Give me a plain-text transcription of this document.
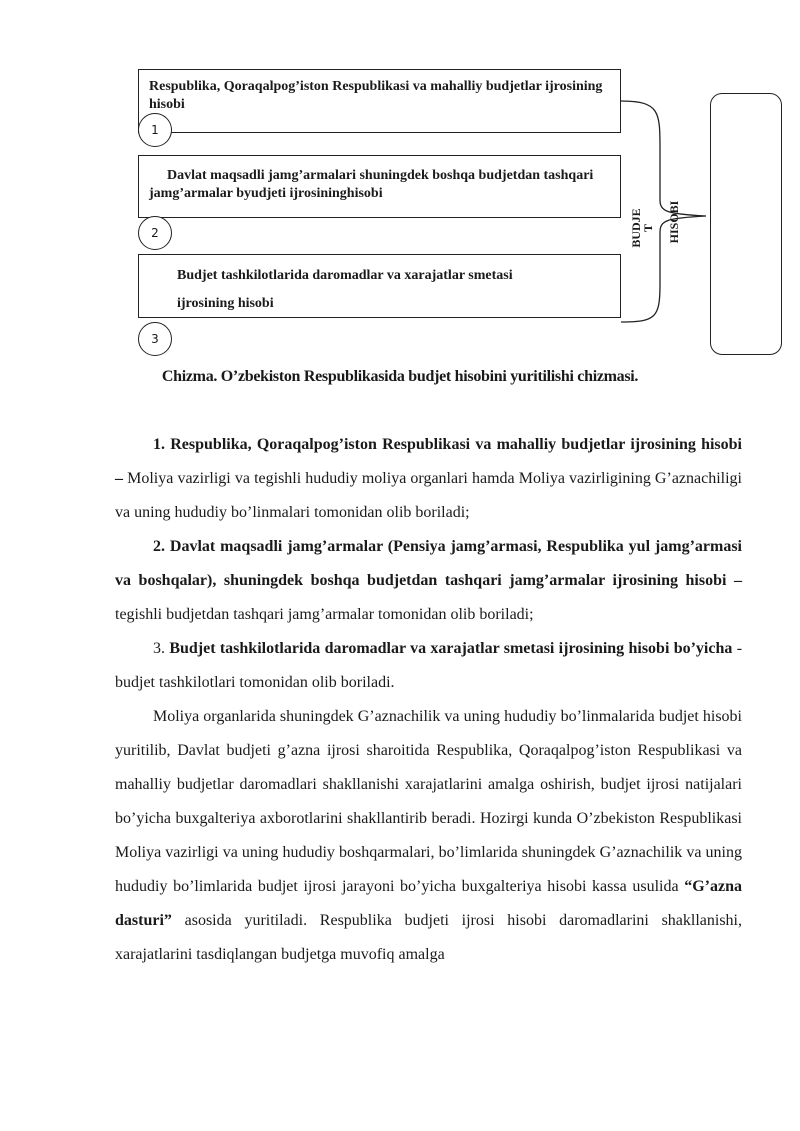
Respublika, Qoraqalpog’iston Respublikasi va mahalliy budjetlar ijrosining hisobi
Davlat maqsadli jamg’armalari shuningdek boshqa budjetdan tashqari jamg’armalar byudjeti ijrosininghisobi
Budjet tashkilotlarida daromadlar va xarajatlar smetasi
ijrosining hisobi
1
2
3
BUDJE
T HISOBI
Chizma. O’zbekiston Respublikasida budjet hisobini yuritilishi chizmasi.

1. Respublika, Qoraqalpog’iston Respublikasi va mahalliy budjetlar ijrosining hisobi – Moliya vazirligi va tegishli hududiy moliya organlari hamda Moliya vazirligining G’aznachiligi va uning hududiy bo’linmalari tomonidan olib boriladi;

2. Davlat maqsadli jamg’armalar (Pensiya jamg’armasi, Respublika yul jamg’armasi va boshqalar), shuningdek boshqa budjetdan tashqari jamg’armalar ijrosining hisobi – tegishli budjetdan tashqari jamg’armalar tomonidan olib boriladi;

3. Budjet tashkilotlarida daromadlar va xarajatlar smetasi ijrosining hisobi bo’yicha -budjet tashkilotlari tomonidan olib boriladi.

Moliya organlarida shuningdek G’aznachilik va uning hududiy bo’linmalarida budjet hisobi yuritilib, Davlat budjeti g’azna ijrosi sharoitida Respublika, Qoraqalpog’iston Respublikasi va mahalliy budjetlar daromadlari shakllanishi xarajatlarini amalga oshirish, budjet ijrosi natijalari bo’yicha buxgalteriya axborotlarini shakllantirib beradi. Hozirgi kunda O’zbekiston Respublikasi Moliya vazirligi va uning hududiy boshqarmalari, bo’limlarida shuningdek G’aznachilik va uning hududiy bo’limlarida budjet ijrosi jarayoni bo’yicha buxgalteriya hisobi kassa usulida “G’azna dasturi” asosida yuritiladi. Respublika budjeti ijrosi hisobi daromadlarini shakllanishi, xarajatlarini tasdiqlangan budjetga muvofiq amalga
